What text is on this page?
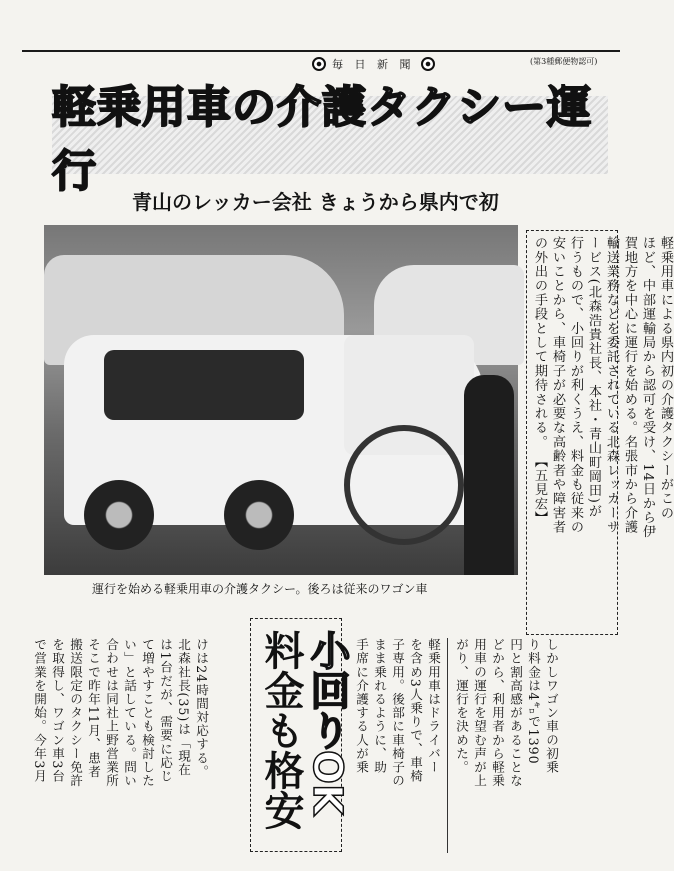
毎 日 新 聞	(第3種郵便物認可)
軽乗用車の介護タクシー運行
青山のレッカー会社 きょうから県内で初
運行を始める軽乗用車の介護タクシー。後ろは従来のワゴン車
軽乗用車による県内初の介護タクシーがこの
ほど、中部運輸局から認可を受け、14日から伊
賀地方を中心に運行を始める。名張市から介護
輸送業務などを委託されている北森レッカーサ
ービス(北森浩貴社長、本社・青山町岡田)が
行うもので、小回りが利くうえ、料金も従来の
安いことから、車椅子が必要な高齢者や障害者
の外出の手段として期待される。 【五見宏】
しかしワゴン車の初乗
り料金は4㌔で1390
円と割高感があることな
どから、利用者から軽乗
用車の運行を望む声が上
がり、運行を決めた。
軽乗用車はドライバー
を含め3人乗りで、車椅
子専用。後部に車椅子の
まま乗れるように、助
手席に介護する人が乗
小回りOK
料金も格安
けは24時間対応する。
北森社長(35)は「現在
は1台だが、需要に応じ
て増やすことも検討した
い」と話している。問い
合わせは同社上野営業所
そこで昨年11月、患者
搬送限定のタクシー免許
を取得し、ワゴン車3台
で営業を開始。今年3月
